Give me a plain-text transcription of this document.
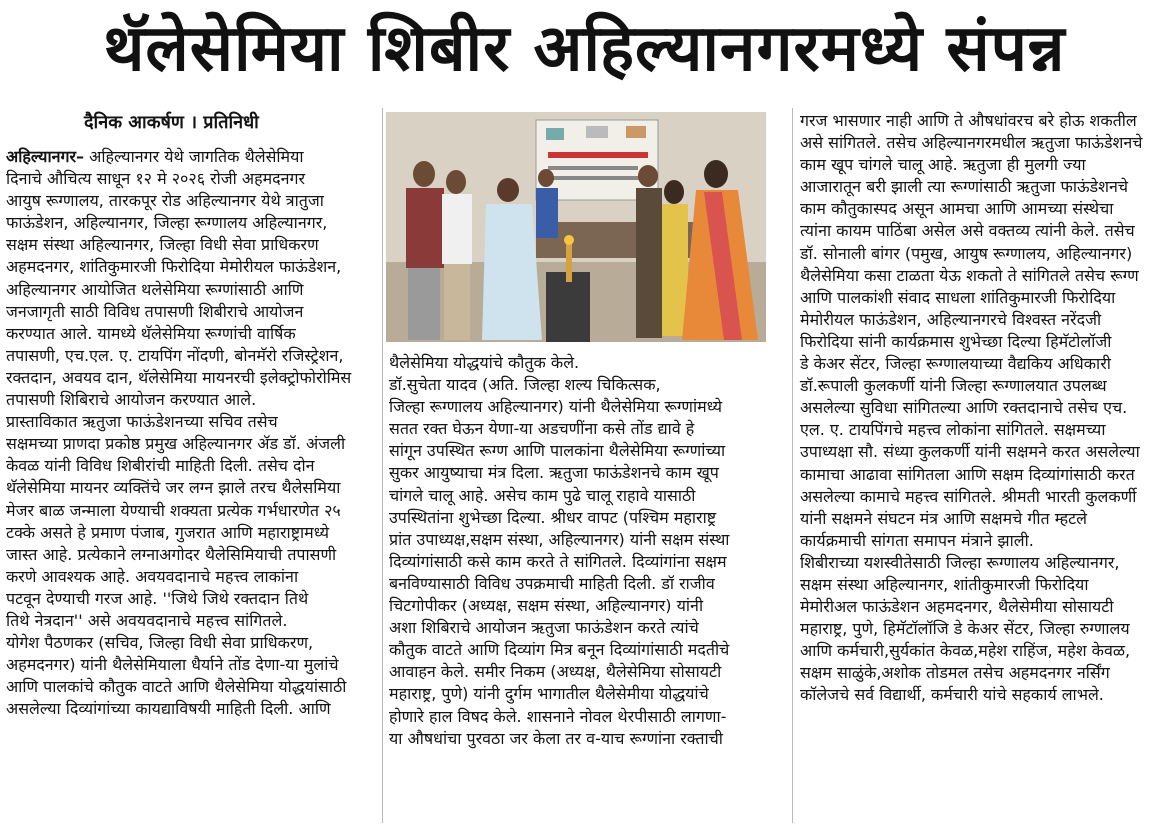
थॅलेसेमिया शिबीर अहिल्यानगरमध्ये संपन्न

दैनिक आकर्षण । प्रतिनिधी

अहिल्यानगर– अहिल्यानगर येथे जागतिक थैलेसेमिया
दिनाचे औचित्य साधून १२ मे २०२६ रोजी अहमदनगर
आयुष रूग्णालय, तारकपूर रोड अहिल्यानगर येथे त्रातुजा
फाऊंडेशन, अहिल्यानगर, जिल्हा रूग्णालय अहिल्यानगर,
सक्षम संस्था अहिल्यानगर, जिल्हा विधी सेवा प्राधिकरण
अहमदनगर, शांतिकुमारजी फिरोदिया मेमोरीयल फाऊंडेशन,
अहिल्यानगर आयोजित थलेसेमिया रूग्णांसाठी आणि
जनजागृती साठी विविध तपासणी शिबीराचे आयोजन
करण्यात आले. यामध्ये थॅलेसेमिया रूग्णांची वार्षिक
तपासणी, एच.एल. ए. टायपिंग नोंदणी, बोनमॅरो रजिस्ट्रेशन,
रक्तदान, अवयव दान, थॅलेसेमिया मायनरची इलेक्ट्रोफोरोमिस
तपासणी शिबिराचे आयोजन करण्यात आले.

प्रास्ताविकात ऋतुजा फाऊंडेशनच्या सचिव तसेच
सक्षमच्या प्राणदा प्रकोष्ठ प्रमुख अहिल्यानगर ॲड डॉ. अंजली
केवळ यांनी विविध शिबीरांची माहिती दिली. तसेच दोन
थॅलेसेमिया मायनर व्यक्तिंचे जर लग्न झाले तरच थैलेसमिया
मेजर बाळ जन्माला येण्याची शक्यता प्रत्येक गर्भधारणेत २५
टक्के असते हे प्रमाण पंजाब, गुजरात आणि महाराष्ट्रामध्ये
जास्त आहे. प्रत्येकाने लग्नाअगोदर थैलेसिमियाची तपासणी
करणे आवश्यक आहे. अवयवदानाचे महत्त्व लाकांना
पटवून देण्याची गरज आहे. ''जिथे जिथे रक्तदान तिथे
तिथे नेत्रदान'' असे अवयवदानाचे महत्त्व सांगितले.
योगेश पैठणकर (सचिव, जिल्हा विधी सेवा प्राधिकरण,
अहमदनगर) यांनी थैलेसेमियाला धैर्याने तोंड देणा-या मुलांचे
आणि पालकांचे कौतुक वाटते आणि थैलेसेमिया योद्धयांसाठी
असलेल्या दिव्यांगांच्या कायद्याविषयी माहिती दिली. आणि

थैलेसेमिया योद्धयांचे कौतुक केले.
डॉ.सुचेता यादव (अति. जिल्हा शल्य चिकित्सक,
जिल्हा रूग्णालय अहिल्यानगर) यांनी थैलेसेमिया रूग्णांमध्ये
सतत रक्त घेऊन येणा-या अडचणींना कसे तोंड द्यावे हे
सांगून उपस्थित रूग्ण आणि पालकांना थैलेसेमिया रूग्णांच्या
सुकर आयुष्याचा मंत्र दिला. ऋतुजा फाऊंडेशनचे काम खूप
चांगले चालू आहे. असेच काम पुढे चालू राहावे यासाठी
उपस्थितांना शुभेच्छा दिल्या. श्रीधर वापट (पश्चिम महाराष्ट्र
प्रांत उपाध्यक्ष,सक्षम संस्था, अहिल्यानगर) यांनी सक्षम संस्था
दिव्यांगांसाठी कसे काम करते ते सांगितले. दिव्यांगांना सक्षम
बनविण्यासाठी विविध उपक्रमाची माहिती दिली. डॉ राजीव
चिटगोपीकर (अध्यक्ष, सक्षम संस्था, अहिल्यानगर) यांनी
अशा शिबिराचे आयोजन ऋतुजा फाऊंडेशन करते त्यांचे
कौतुक वाटते आणि दिव्यांग मित्र बनून दिव्यांगांसाठी मदतीचे
आवाहन केले. समीर निकम (अध्यक्ष, थैलेसेमिया सोसायटी
महाराष्ट्र, पुणे) यांनी दुर्गम भागातील थैलेसेमीया योद्धयांचे
होणारे हाल विषद केले. शासनाने नोवल थेरपीसाठी लागणा-
या औषधांचा पुरवठा जर केला तर व-याच रूग्णांना रक्ताची

गरज भासणार नाही आणि ते औषधांवरच बरे होऊ शकतील
असे सांगितले. तसेच अहिल्यानगरमधील ऋतुजा फाऊंडेशनचे
काम खूप चांगले चालू आहे. ऋतुजा ही मुलगी ज्या
आजारातून बरी झाली त्या रूग्णांसाठी ऋतुजा फाऊंडेशनचे
काम कौतुकास्पद असून आमचा आणि आमच्या संस्थेचा
त्यांना कायम पाठिंबा असेल असे वक्तव्य त्यांनी केले. तसेच
डॉ. सोनाली बांगर (पमुख, आयुष रूग्णालय, अहिल्यानगर)
थैलेसेमिया कसा टाळता येऊ शकतो ते सांगितले तसेच रूग्ण
आणि पालकांशी संवाद साधला शांतिकुमारजी फिरोदिया
मेमोरीयल फाऊंडेशन, अहिल्यानगरचे विश्वस्त नरेंदजी
फिरोदिया सांनी कार्यक्रमास शुभेच्छा दिल्या हिमॅटोलॉजी
डे केअर सेंटर, जिल्हा रूग्णालयाच्या वैद्यकिय अधिकारी
डॉ.रूपाली कुलकर्णी यांनी जिल्हा रूग्णालयात उपलब्ध
असलेल्या सुविधा सांगितल्या आणि रक्तदानाचे तसेच एच.
एल. ए. टायपिंगचे महत्त्व लोकांना सांगितले. सक्षमच्या
उपाध्यक्षा सौ. संध्या कुलकर्णी यांनी सक्षमने करत असलेल्या
कामाचा आढावा सांगितला आणि सक्षम दिव्यांगांसाठी करत
असलेल्या कामाचे महत्त्व सांगितले. श्रीमती भारती कुलकर्णी
यांनी सक्षमने संघटन मंत्र आणि सक्षमचे गीत म्हटले
कार्यक्रमाची सांगता समापन मंत्राने झाली.
शिबीराच्या यशस्वीतेसाठी जिल्हा रूग्णालय अहिल्यानगर,
सक्षम संस्था अहिल्यानगर, शांतीकुमारजी फिरोदिया
मेमोरीअल फाऊंडेशन अहमदनगर, थैलेसेमीया सोसायटी
महाराष्ट्र, पुणे, हिमॅटॉलॉजि डे केअर सेंटर, जिल्हा रुग्णालय
आणि कर्मचारी,सुर्यकांत केवळ,महेश राहिंज, महेश केवळ,
सक्षम साळुंके,अशोक तोडमल तसेच अहमदनगर नर्सिंग
कॉलेजचे सर्व विद्यार्थी, कर्मचारी यांचे सहकार्य लाभले.
